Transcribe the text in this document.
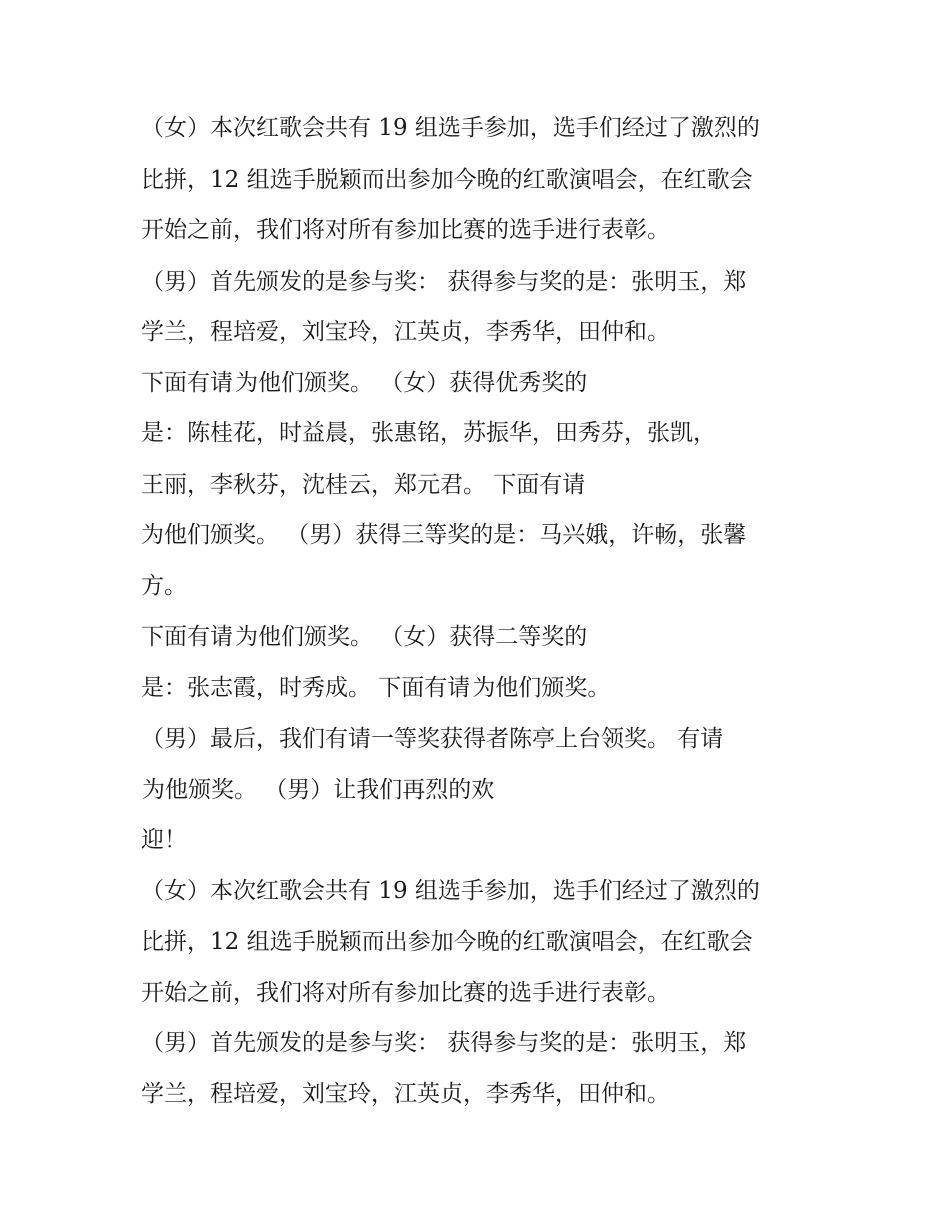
（女）本次红歌会共有 19 组选手参加，选手们经过了激烈的
比拼，12 组选手脱颖而出参加今晚的红歌演唱会，在红歌会
开始之前，我们将对所有参加比赛的选手进行表彰。
（男）首先颁发的是参与奖： 获得参与奖的是：张明玉，郑
学兰，程培爱，刘宝玲，江英贞，李秀华，田仲和。
下面有请为他们颁奖。 （女）获得优秀奖的
是：陈桂花，时益晨，张惠铭，苏振华，田秀芬，张凯，
王丽，李秋芬，沈桂云，郑元君。 下面有请
为他们颁奖。 （男）获得三等奖的是：马兴娥，许畅，张馨
方。
下面有请为他们颁奖。 （女）获得二等奖的
是：张志霞，时秀成。 下面有请为他们颁奖。
（男）最后，我们有请一等奖获得者陈亭上台领奖。 有请
为他颁奖。 （男）让我们再烈的欢
迎！
（女）本次红歌会共有 19 组选手参加，选手们经过了激烈的
比拼，12 组选手脱颖而出参加今晚的红歌演唱会，在红歌会
开始之前，我们将对所有参加比赛的选手进行表彰。
（男）首先颁发的是参与奖： 获得参与奖的是：张明玉，郑
学兰，程培爱，刘宝玲，江英贞，李秀华，田仲和。
